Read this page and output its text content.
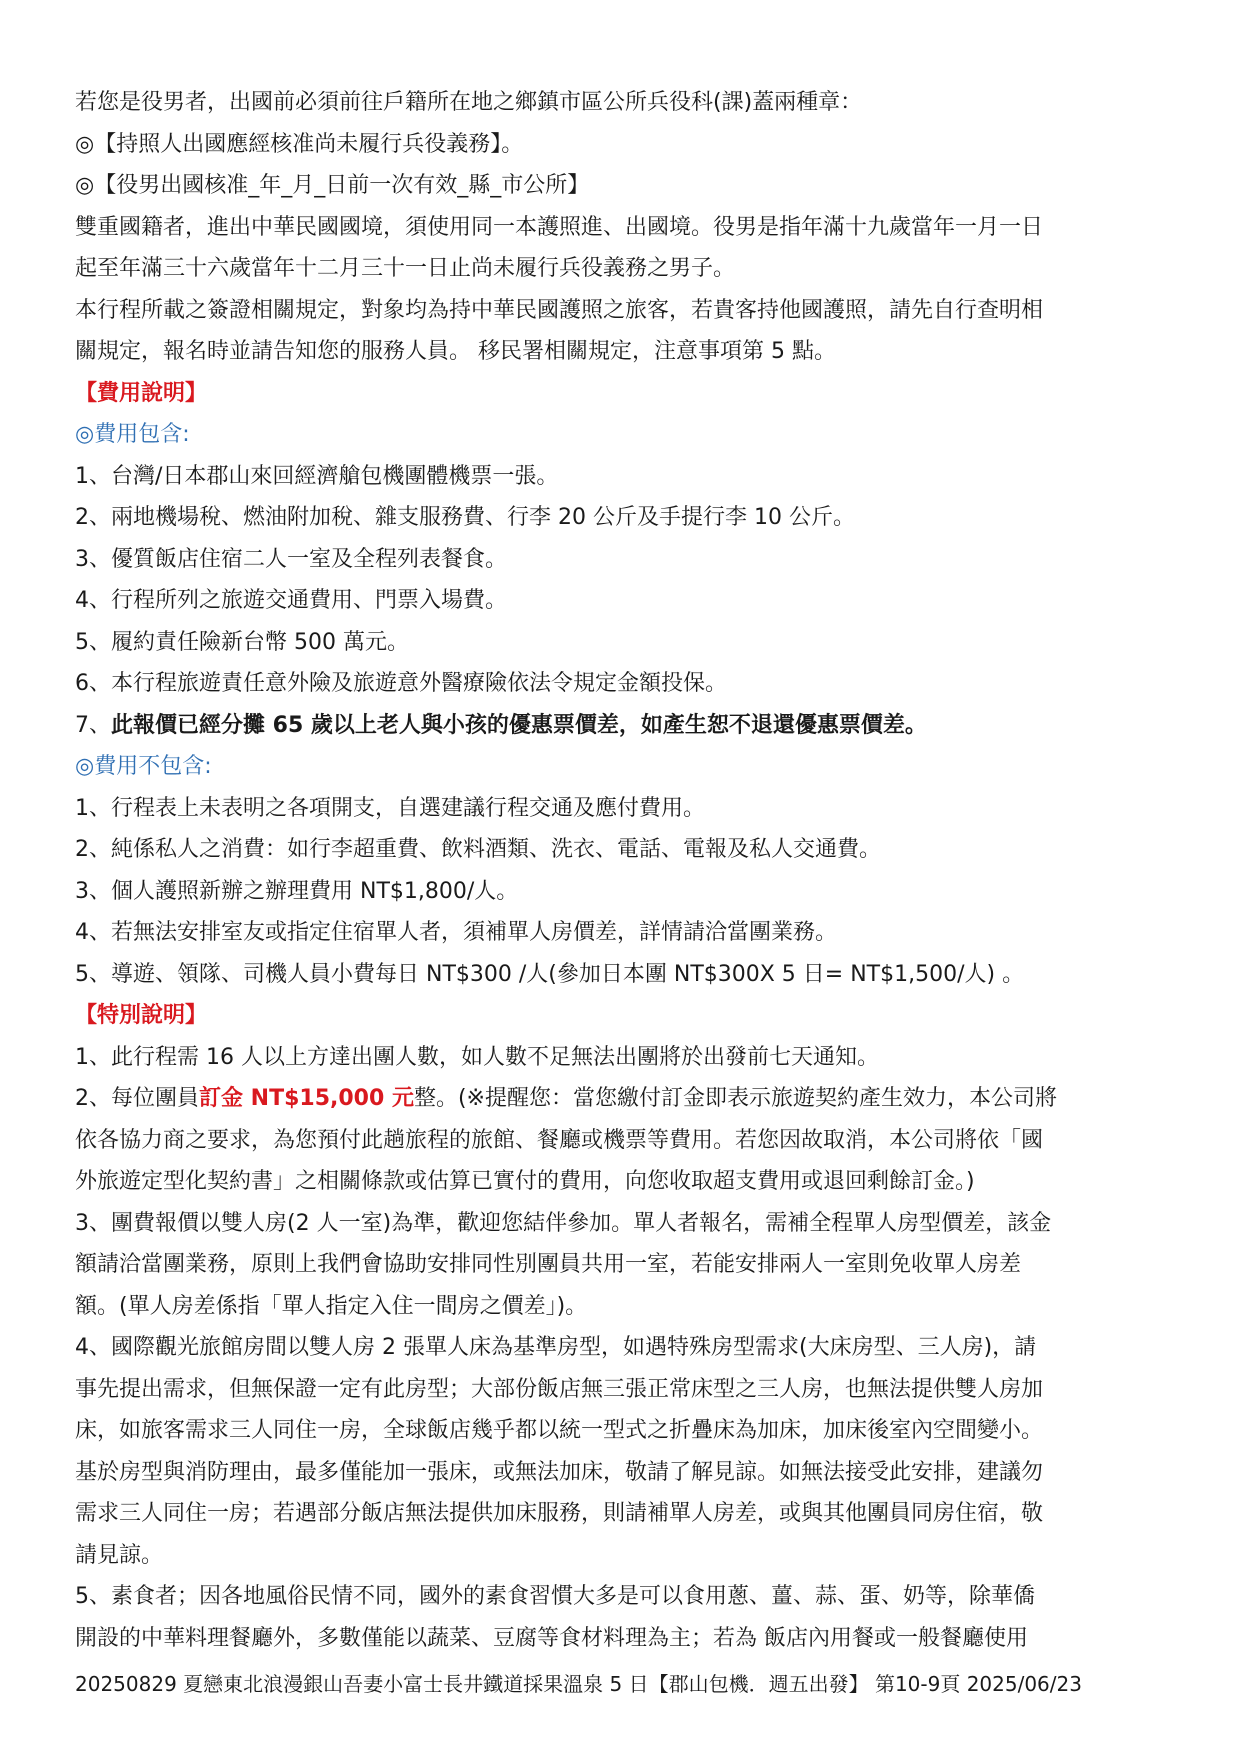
若您是役男者，出國前必須前往戶籍所在地之鄉鎮市區公所兵役科(課)蓋兩種章：

◎【持照人出國應經核准尚未履行兵役義務】。

◎【役男出國核准_年_月_日前一次有效_縣_市公所】

雙重國籍者，進出中華民國國境，須使用同一本護照進、出國境。役男是指年滿十九歲當年一月一日

起至年滿三十六歲當年十二月三十一日止尚未履行兵役義務之男子。

本行程所載之簽證相關規定，對象均為持中華民國護照之旅客，若貴客持他國護照，請先自行查明相

關規定，報名時並請告知您的服務人員。 移民署相關規定，注意事項第 5 點。

【費用說明】

◎費用包含:

1、台灣/日本郡山來回經濟艙包機團體機票一張。

2、兩地機場稅、燃油附加稅、雜支服務費、行李 20 公斤及手提行李 10 公斤。

3、優質飯店住宿二人一室及全程列表餐食。

4、行程所列之旅遊交通費用、門票入場費。

5、履約責任險新台幣 500 萬元。

6、本行程旅遊責任意外險及旅遊意外醫療險依法令規定金額投保。

7、此報價已經分攤 65 歲以上老人與小孩的優惠票價差，如產生恕不退還優惠票價差。

◎費用不包含:

1、行程表上未表明之各項開支，自選建議行程交通及應付費用。

2、純係私人之消費：如行李超重費、飲料酒類、洗衣、電話、電報及私人交通費。

3、個人護照新辦之辦理費用 NT$1,800/人。

4、若無法安排室友或指定住宿單人者，須補單人房價差，詳情請洽當團業務。

5、導遊、領隊、司機人員小費每日 NT$300 /人(參加日本團 NT$300X 5 日= NT$1,500/人) 。

【特別說明】

1、此行程需 16 人以上方達出團人數，如人數不足無法出團將於出發前七天通知。

2、每位團員訂金 NT$15,000 元整。(※提醒您：當您繳付訂金即表示旅遊契約產生效力，本公司將

依各協力商之要求，為您預付此趟旅程的旅館、餐廳或機票等費用。若您因故取消，本公司將依「國

外旅遊定型化契約書」之相關條款或估算已實付的費用，向您收取超支費用或退回剩餘訂金。)

3、團費報價以雙人房(2 人一室)為準，歡迎您結伴參加。單人者報名，需補全程單人房型價差，該金

額請洽當團業務，原則上我們會協助安排同性別團員共用一室，若能安排兩人一室則免收單人房差

額。(單人房差係指「單人指定入住一間房之價差」)。

4、國際觀光旅館房間以雙人房 2 張單人床為基準房型，如遇特殊房型需求(大床房型、三人房)，請

事先提出需求，但無保證一定有此房型；大部份飯店無三張正常床型之三人房，也無法提供雙人房加

床，如旅客需求三人同住一房，全球飯店幾乎都以統一型式之折疊床為加床，加床後室內空間變小。

基於房型與消防理由，最多僅能加一張床，或無法加床，敬請了解見諒。如無法接受此安排，建議勿

需求三人同住一房；若遇部分飯店無法提供加床服務，則請補單人房差，或與其他團員同房住宿，敬

請見諒。

5、素食者；因各地風俗民情不同，國外的素食習慣大多是可以食用蔥、薑、蒜、蛋、奶等，除華僑

開設的中華料理餐廳外，多數僅能以蔬菜、豆腐等食材料理為主；若為 飯店內用餐或一般餐廳使用

20250829 夏戀東北浪漫銀山吾妻小富士長井鐵道採果溫泉 5 日【郡山包機．週五出發】 第10-9頁 2025/06/23
